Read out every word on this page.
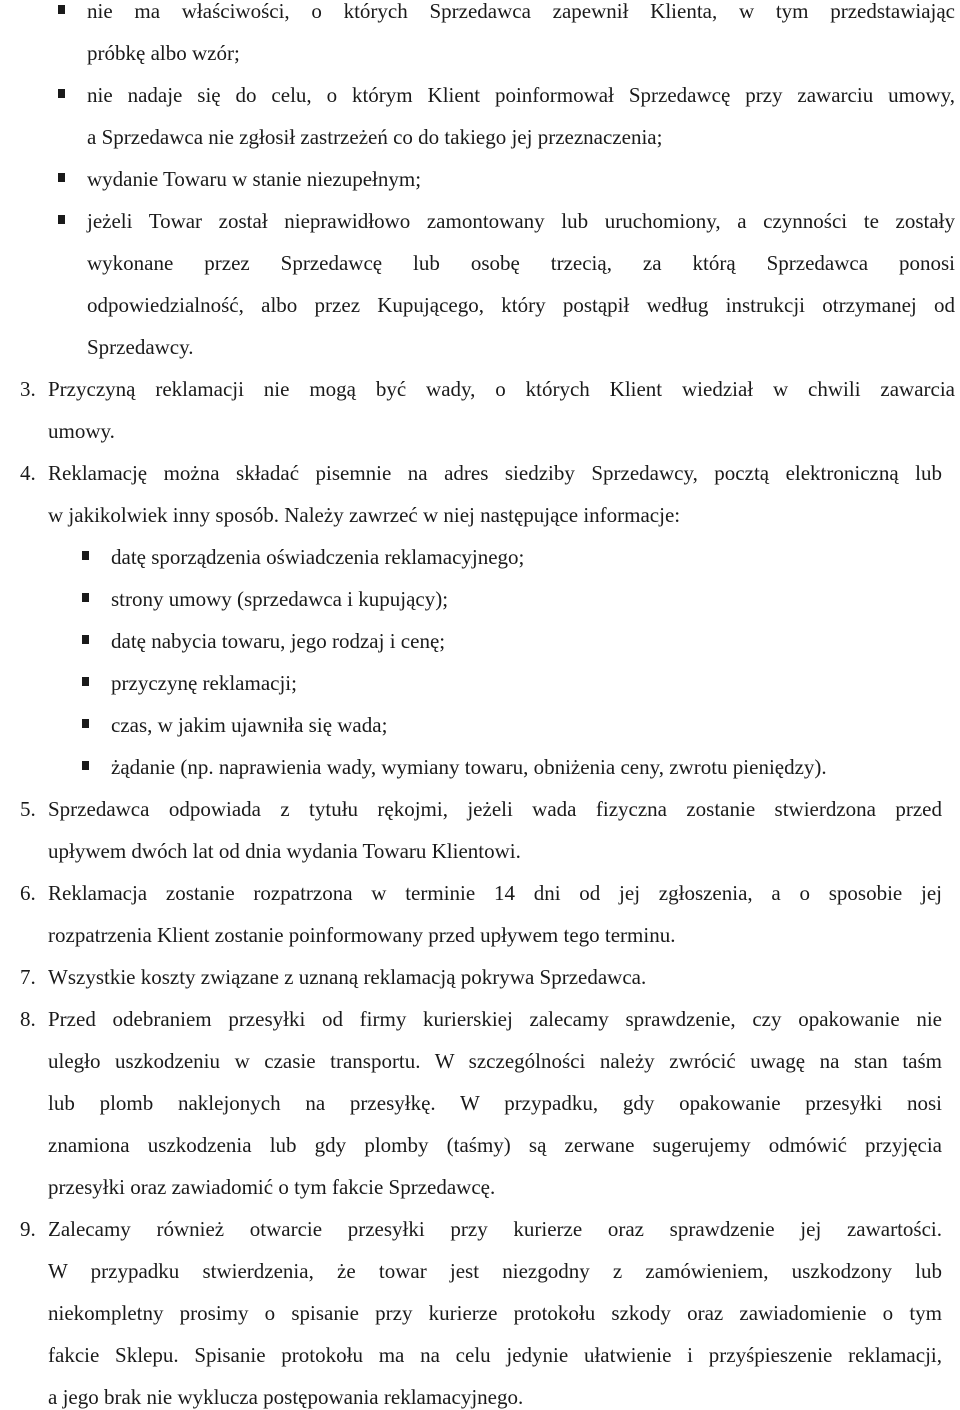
nie ma właściwości, o których Sprzedawca zapewnił Klienta, w tym przedstawiając
próbkę albo wzór;
nie nadaje się do celu, o którym Klient poinformował Sprzedawcę przy zawarciu umowy,
a Sprzedawca nie zgłosił zastrzeżeń co do takiego jej przeznaczenia;
wydanie Towaru w stanie niezupełnym;
jeżeli Towar został nieprawidłowo zamontowany lub uruchomiony, a czynności te zostały
wykonane przez Sprzedawcę lub osobę trzecią, za którą Sprzedawca ponosi
odpowiedzialność, albo przez Kupującego, który postąpił według instrukcji otrzymanej od
Sprzedawcy.
3. Przyczyną reklamacji nie mogą być wady, o których Klient wiedział w chwili zawarcia
umowy.
4. Reklamację można składać pisemnie na adres siedziby Sprzedawcy, pocztą elektroniczną lub
w jakikolwiek inny sposób. Należy zawrzeć w niej następujące informacje:
datę sporządzenia oświadczenia reklamacyjnego;
strony umowy (sprzedawca i kupujący);
datę nabycia towaru, jego rodzaj i cenę;
przyczynę reklamacji;
czas, w jakim ujawniła się wada;
żądanie (np. naprawienia wady, wymiany towaru, obniżenia ceny, zwrotu pieniędzy).
5. Sprzedawca odpowiada z tytułu rękojmi, jeżeli wada fizyczna zostanie stwierdzona przed
upływem dwóch lat od dnia wydania Towaru Klientowi.
6. Reklamacja zostanie rozpatrzona w terminie 14 dni od jej zgłoszenia, a o sposobie jej
rozpatrzenia Klient zostanie poinformowany przed upływem tego terminu.
7. Wszystkie koszty związane z uznaną reklamacją pokrywa Sprzedawca.
8. Przed odebraniem przesyłki od firmy kurierskiej zalecamy sprawdzenie, czy opakowanie nie
uległo uszkodzeniu w czasie transportu. W szczególności należy zwrócić uwagę na stan taśm
lub plomb naklejonych na przesyłkę. W przypadku, gdy opakowanie przesyłki nosi
znamiona uszkodzenia lub gdy plomby (taśmy) są zerwane sugerujemy odmówić przyjęcia
przesyłki oraz zawiadomić o tym fakcie Sprzedawcę.
9. Zalecamy również otwarcie przesyłki przy kurierze oraz sprawdzenie jej zawartości.
W przypadku stwierdzenia, że towar jest niezgodny z zamówieniem, uszkodzony lub
niekompletny prosimy o spisanie przy kurierze protokołu szkody oraz zawiadomienie o tym
fakcie Sklepu. Spisanie protokołu ma na celu jedynie ułatwienie i przyśpieszenie reklamacji,
a jego brak nie wyklucza postępowania reklamacyjnego.
